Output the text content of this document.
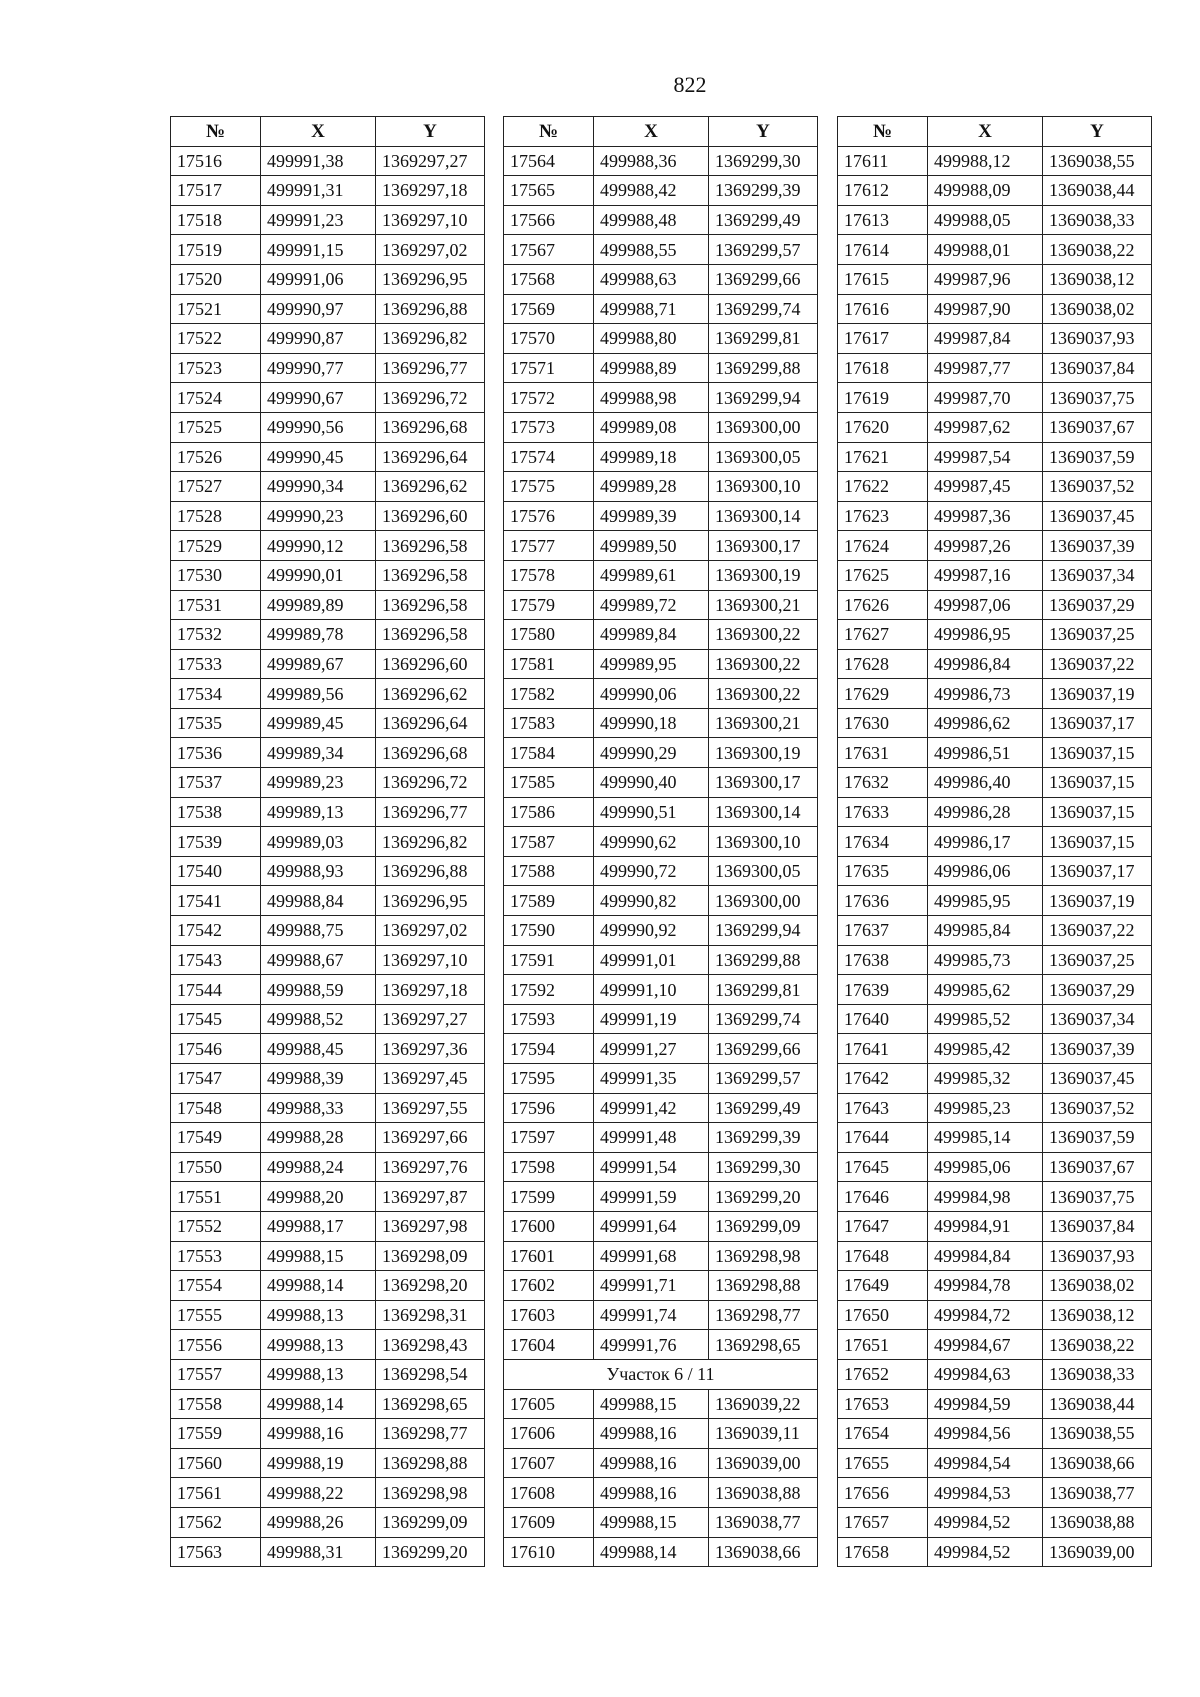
822
№	X	Y
17516	499991,38	1369297,27
17517	499991,31	1369297,18
17518	499991,23	1369297,10
17519	499991,15	1369297,02
17520	499991,06	1369296,95
17521	499990,97	1369296,88
17522	499990,87	1369296,82
17523	499990,77	1369296,77
17524	499990,67	1369296,72
17525	499990,56	1369296,68
17526	499990,45	1369296,64
17527	499990,34	1369296,62
17528	499990,23	1369296,60
17529	499990,12	1369296,58
17530	499990,01	1369296,58
17531	499989,89	1369296,58
17532	499989,78	1369296,58
17533	499989,67	1369296,60
17534	499989,56	1369296,62
17535	499989,45	1369296,64
17536	499989,34	1369296,68
17537	499989,23	1369296,72
17538	499989,13	1369296,77
17539	499989,03	1369296,82
17540	499988,93	1369296,88
17541	499988,84	1369296,95
17542	499988,75	1369297,02
17543	499988,67	1369297,10
17544	499988,59	1369297,18
17545	499988,52	1369297,27
17546	499988,45	1369297,36
17547	499988,39	1369297,45
17548	499988,33	1369297,55
17549	499988,28	1369297,66
17550	499988,24	1369297,76
17551	499988,20	1369297,87
17552	499988,17	1369297,98
17553	499988,15	1369298,09
17554	499988,14	1369298,20
17555	499988,13	1369298,31
17556	499988,13	1369298,43
17557	499988,13	1369298,54
17558	499988,14	1369298,65
17559	499988,16	1369298,77
17560	499988,19	1369298,88
17561	499988,22	1369298,98
17562	499988,26	1369299,09
17563	499988,31	1369299,20
№	X	Y
17564	499988,36	1369299,30
17565	499988,42	1369299,39
17566	499988,48	1369299,49
17567	499988,55	1369299,57
17568	499988,63	1369299,66
17569	499988,71	1369299,74
17570	499988,80	1369299,81
17571	499988,89	1369299,88
17572	499988,98	1369299,94
17573	499989,08	1369300,00
17574	499989,18	1369300,05
17575	499989,28	1369300,10
17576	499989,39	1369300,14
17577	499989,50	1369300,17
17578	499989,61	1369300,19
17579	499989,72	1369300,21
17580	499989,84	1369300,22
17581	499989,95	1369300,22
17582	499990,06	1369300,22
17583	499990,18	1369300,21
17584	499990,29	1369300,19
17585	499990,40	1369300,17
17586	499990,51	1369300,14
17587	499990,62	1369300,10
17588	499990,72	1369300,05
17589	499990,82	1369300,00
17590	499990,92	1369299,94
17591	499991,01	1369299,88
17592	499991,10	1369299,81
17593	499991,19	1369299,74
17594	499991,27	1369299,66
17595	499991,35	1369299,57
17596	499991,42	1369299,49
17597	499991,48	1369299,39
17598	499991,54	1369299,30
17599	499991,59	1369299,20
17600	499991,64	1369299,09
17601	499991,68	1369298,98
17602	499991,71	1369298,88
17603	499991,74	1369298,77
17604	499991,76	1369298,65
Участок 6 / 11		
17605	499988,15	1369039,22
17606	499988,16	1369039,11
17607	499988,16	1369039,00
17608	499988,16	1369038,88
17609	499988,15	1369038,77
17610	499988,14	1369038,66
№	X	Y
17611	499988,12	1369038,55
17612	499988,09	1369038,44
17613	499988,05	1369038,33
17614	499988,01	1369038,22
17615	499987,96	1369038,12
17616	499987,90	1369038,02
17617	499987,84	1369037,93
17618	499987,77	1369037,84
17619	499987,70	1369037,75
17620	499987,62	1369037,67
17621	499987,54	1369037,59
17622	499987,45	1369037,52
17623	499987,36	1369037,45
17624	499987,26	1369037,39
17625	499987,16	1369037,34
17626	499987,06	1369037,29
17627	499986,95	1369037,25
17628	499986,84	1369037,22
17629	499986,73	1369037,19
17630	499986,62	1369037,17
17631	499986,51	1369037,15
17632	499986,40	1369037,15
17633	499986,28	1369037,15
17634	499986,17	1369037,15
17635	499986,06	1369037,17
17636	499985,95	1369037,19
17637	499985,84	1369037,22
17638	499985,73	1369037,25
17639	499985,62	1369037,29
17640	499985,52	1369037,34
17641	499985,42	1369037,39
17642	499985,32	1369037,45
17643	499985,23	1369037,52
17644	499985,14	1369037,59
17645	499985,06	1369037,67
17646	499984,98	1369037,75
17647	499984,91	1369037,84
17648	499984,84	1369037,93
17649	499984,78	1369038,02
17650	499984,72	1369038,12
17651	499984,67	1369038,22
17652	499984,63	1369038,33
17653	499984,59	1369038,44
17654	499984,56	1369038,55
17655	499984,54	1369038,66
17656	499984,53	1369038,77
17657	499984,52	1369038,88
17658	499984,52	1369039,00
